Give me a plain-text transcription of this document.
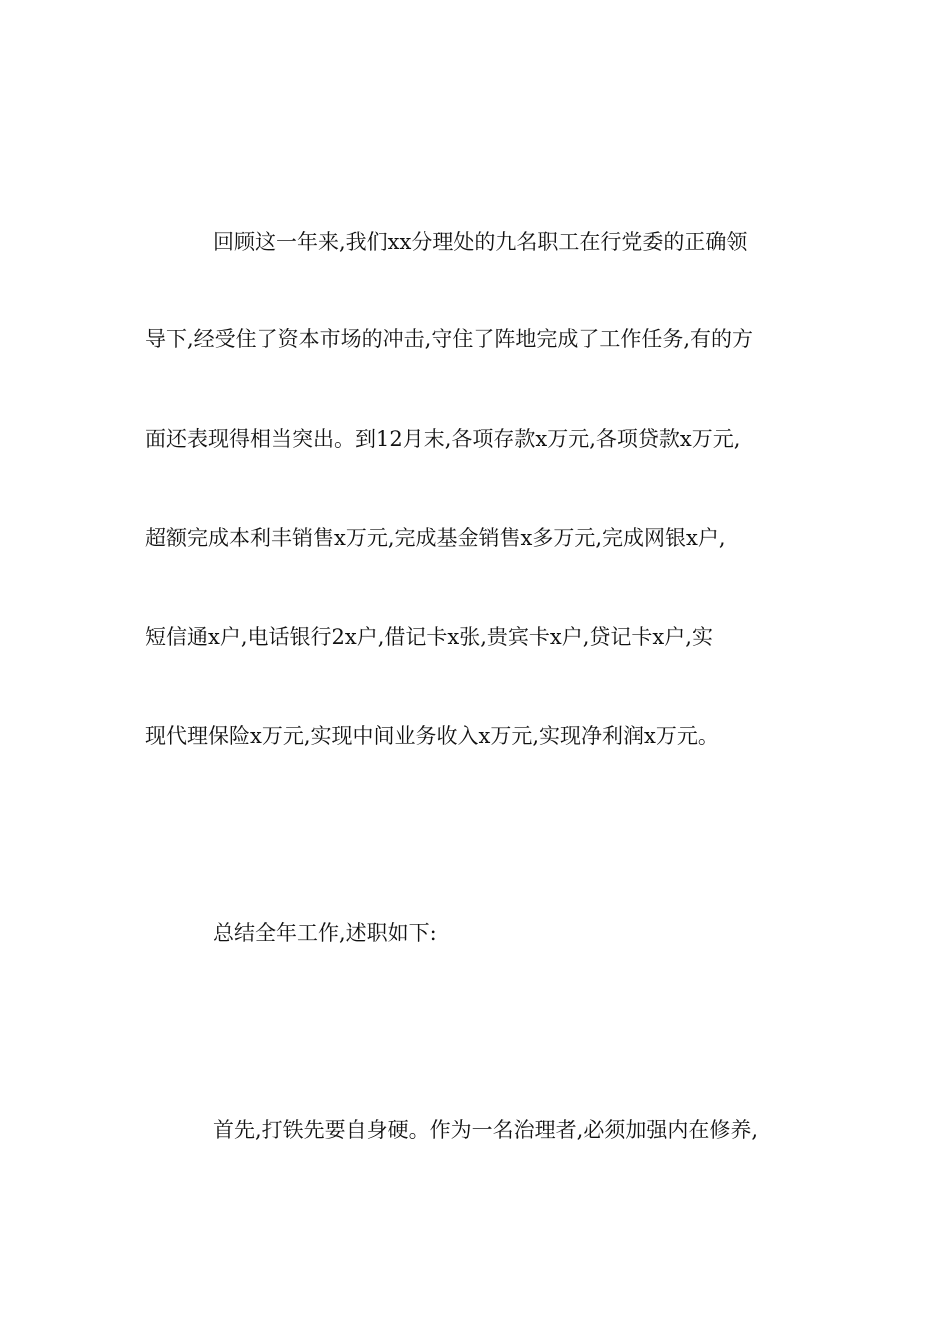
回顾这一年来,我们xx分理处的九名职工在行党委的正确领
导下,经受住了资本市场的冲击,守住了阵地完成了工作任务,有的方
面还表现得相当突出。到12月末,各项存款x万元,各项贷款x万元,
超额完成本利丰销售x万元,完成基金销售x多万元,完成网银x户,
短信通x户,电话银行2x户,借记卡x张,贵宾卡x户,贷记卡x户,实
现代理保险x万元,实现中间业务收入x万元,实现净利润x万元。
总结全年工作,述职如下:
首先,打铁先要自身硬。作为一名治理者,必须加强内在修养,
